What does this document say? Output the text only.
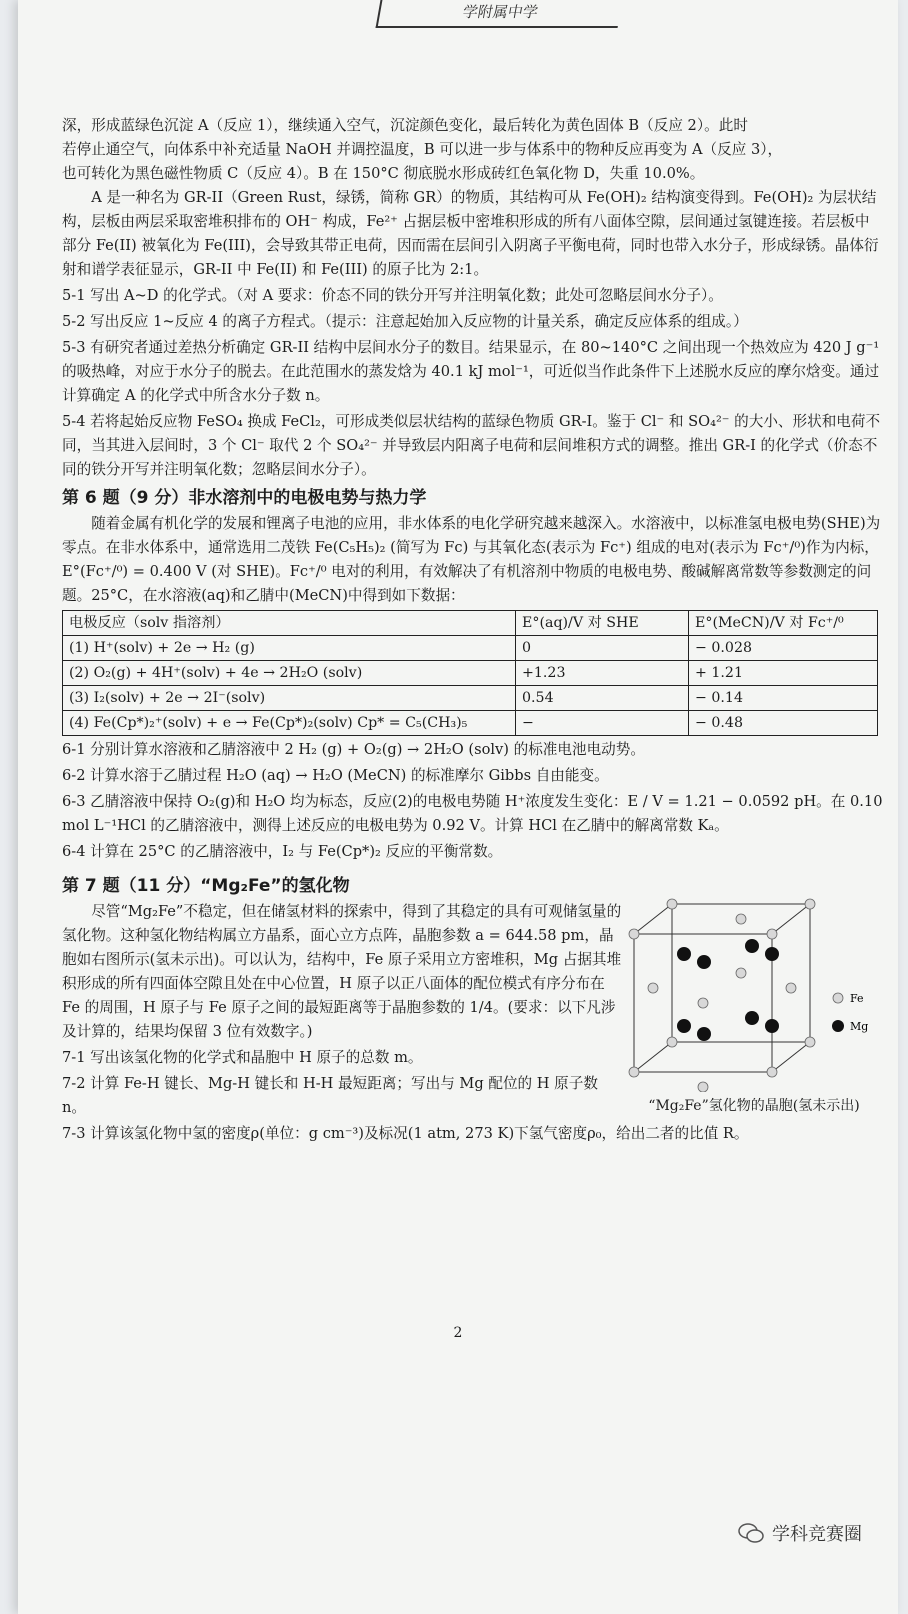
学附属中学

深，形成蓝绿色沉淀 A（反应 1），继续通入空气，沉淀颜色变化，最后转化为黄色固体 B（反应 2）。此时

若停止通空气，向体系中补充适量 NaOH 并调控温度，B 可以进一步与体系中的物种反应再变为 A（反应 3），

也可转化为黑色磁性物质 C（反应 4）。B 在 150°C 彻底脱水形成砖红色氧化物 D，失重 10.0%。

A 是一种名为 GR-II（Green Rust，绿锈，简称 GR）的物质，其结构可从 Fe(OH)₂ 结构演变得到。Fe(OH)₂ 为层状结构，层板由两层采取密堆积排布的 OH⁻ 构成，Fe²⁺ 占据层板中密堆积形成的所有八面体空隙，层间通过氢键连接。若层板中部分 Fe(II) 被氧化为 Fe(III)，会导致其带正电荷，因而需在层间引入阴离子平衡电荷，同时也带入水分子，形成绿锈。晶体衍射和谱学表征显示，GR-II 中 Fe(II) 和 Fe(III) 的原子比为 2:1。

5-1 写出 A~D 的化学式。（对 A 要求：价态不同的铁分开写并注明氧化数；此处可忽略层间水分子）。

5-2 写出反应 1~反应 4 的离子方程式。（提示：注意起始加入反应物的计量关系，确定反应体系的组成。）

5-3 有研究者通过差热分析确定 GR-II 结构中层间水分子的数目。结果显示，在 80~140°C 之间出现一个热效应为 420 J g⁻¹ 的吸热峰，对应于水分子的脱去。在此范围水的蒸发焓为 40.1 kJ mol⁻¹，可近似当作此条件下上述脱水反应的摩尔焓变。通过计算确定 A 的化学式中所含水分子数 n。

5-4 若将起始反应物 FeSO₄ 换成 FeCl₂，可形成类似层状结构的蓝绿色物质 GR-I。鉴于 Cl⁻ 和 SO₄²⁻ 的大小、形状和电荷不同，当其进入层间时，3 个 Cl⁻ 取代 2 个 SO₄²⁻ 并导致层内阳离子电荷和层间堆积方式的调整。推出 GR-I 的化学式（价态不同的铁分开写并注明氧化数；忽略层间水分子）。

第 6 题（9 分）非水溶剂中的电极电势与热力学

随着金属有机化学的发展和锂离子电池的应用，非水体系的电化学研究越来越深入。水溶液中，以标准氢电极电势(SHE)为零点。在非水体系中，通常选用二茂铁 Fe(C₅H₅)₂ (简写为 Fc) 与其氧化态(表示为 Fc⁺) 组成的电对(表示为 Fc⁺/⁰)作为内标，E°(Fc⁺/⁰) = 0.400 V (对 SHE)。Fc⁺/⁰ 电对的利用，有效解决了有机溶剂中物质的电极电势、酸碱解离常数等参数测定的问题。25°C，在水溶液(aq)和乙腈中(MeCN)中得到如下数据：

电极反应（solv 指溶剂）	E°(aq)/V 对 SHE	E°(MeCN)/V 对 Fc⁺/⁰
(1) H⁺(solv) + 2e → H₂ (g)	0	− 0.028
(2) O₂(g) + 4H⁺(solv) + 4e → 2H₂O (solv)	+1.23	+ 1.21
(3) I₂(solv) + 2e → 2I⁻(solv)	0.54	− 0.14
(4) Fe(Cp*)₂⁺(solv) + e → Fe(Cp*)₂(solv) Cp* = C₅(CH₃)₅	−	− 0.48

6-1 分别计算水溶液和乙腈溶液中 2 H₂ (g) + O₂(g) → 2H₂O (solv) 的标准电池电动势。

6-2 计算水溶于乙腈过程 H₂O (aq) → H₂O (MeCN) 的标准摩尔 Gibbs 自由能变。

6-3 乙腈溶液中保持 O₂(g)和 H₂O 均为标态，反应(2)的电极电势随 H⁺浓度发生变化：E / V = 1.21 − 0.0592 pH。在 0.10 mol L⁻¹HCl 的乙腈溶液中，测得上述反应的电极电势为 0.92 V。计算 HCl 在乙腈中的解离常数 Kₐ。

6-4 计算在 25°C 的乙腈溶液中，I₂ 与 Fe(Cp*)₂ 反应的平衡常数。

第 7 题（11 分）“Mg₂Fe”的氢化物

尽管“Mg₂Fe”不稳定，但在储氢材料的探索中，得到了其稳定的具有可观储氢量的氢化物。这种氢化物结构属立方晶系，面心立方点阵，晶胞参数 a = 644.58 pm，晶胞如右图所示(氢未示出)。可以认为，结构中，Fe 原子采用立方密堆积，Mg 占据其堆积形成的所有四面体空隙且处在中心位置，H 原子以正八面体的配位模式有序分布在 Fe 的周围，H 原子与 Fe 原子之间的最短距离等于晶胞参数的 1/4。(要求：以下凡涉及计算的，结果均保留 3 位有效数字。)

7-1 写出该氢化物的化学式和晶胞中 H 原子的总数 m。

7-2 计算 Fe-H 键长、Mg-H 键长和 H-H 最短距离；写出与 Mg 配位的 H 原子数 n。

7-3 计算该氢化物中氢的密度ρ(单位：g cm⁻³)及标况(1 atm, 273 K)下氢气密度ρ₀，给出二者的比值 R。

Fe
Mg
“Mg₂Fe”氢化物的晶胞(氢未示出)
2
学科竞赛圈
